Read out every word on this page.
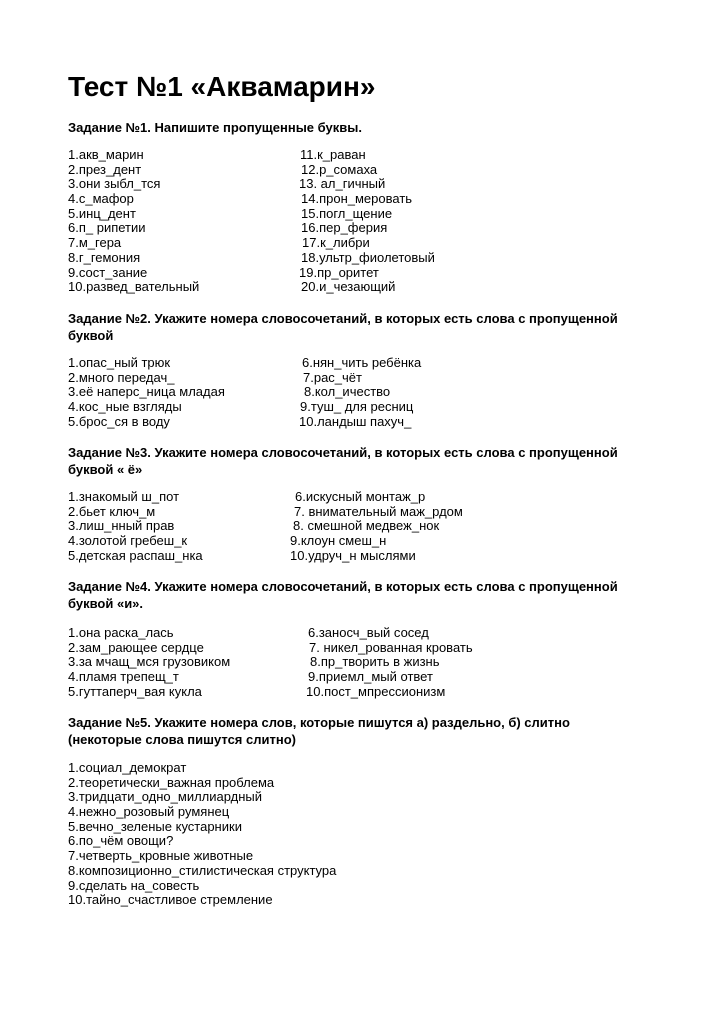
Тест №1 «Аквамарин»
Задание №1. Напишите пропущенные буквы.
1.акв_марин	11.к_раван
2.през_дент	12.р_сомаха
3.они зыбл_тся	13. ал_гичный
4.с_мафор	14.прон_меровать
5.инц_дент	15.погл_щение
6.п_ рипетии	16.пер_ферия
7.м_гера	17.к_либри
8.г_гемония	18.ультр_фиолетовый
9.сост_зание	19.пр_оритет
10.развед_вательный	20.и_чезающий
Задание №2. Укажите номера словосочетаний, в которых есть слова с пропущенной
буквой
1.опас_ный трюк	6.нян_чить ребёнка
2.много передач_	7.рас_чёт
3.её наперс_ница младая	8.кол_ичество
4.кос_ные взгляды	9.туш_ для ресниц
5.брос_ся в воду	10.ландыш пахуч_
Задание №3. Укажите номера словосочетаний, в которых есть слова с пропущенной
буквой « ё»
1.знакомый ш_пот	6.искусный монтаж_р
2.бьет ключ_м	7. внимательный маж_рдом
3.лиш_нный прав	8. смешной медвеж_нок
4.золотой гребеш_к	9.клоун смеш_н
5.детская распаш_нка	10.удруч_н мыслями
Задание №4. Укажите номера словосочетаний, в которых есть слова с пропущенной
буквой «и».
1.она раска_лась	6.заносч_вый сосед
2.зам_рающее сердце	7. никел_рованная кровать
3.за мчащ_мся грузовиком	8.пр_творить в жизнь
4.пламя трепещ_т	9.приемл_мый ответ
5.гуттаперч_вая кукла	10.пост_мпрессионизм
Задание №5. Укажите номера слов, которые пишутся а) раздельно, б) слитно
(некоторые слова пишутся слитно)
1.социал_демократ
2.теоретически_важная проблема
3.тридцати_одно_миллиардный
4.нежно_розовый румянец
5.вечно_зеленые кустарники
6.по_чём овощи?
7.четверть_кровные животные
8.композиционно_стилистическая структура
9.сделать на_совесть
10.тайно_счастливое стремление
